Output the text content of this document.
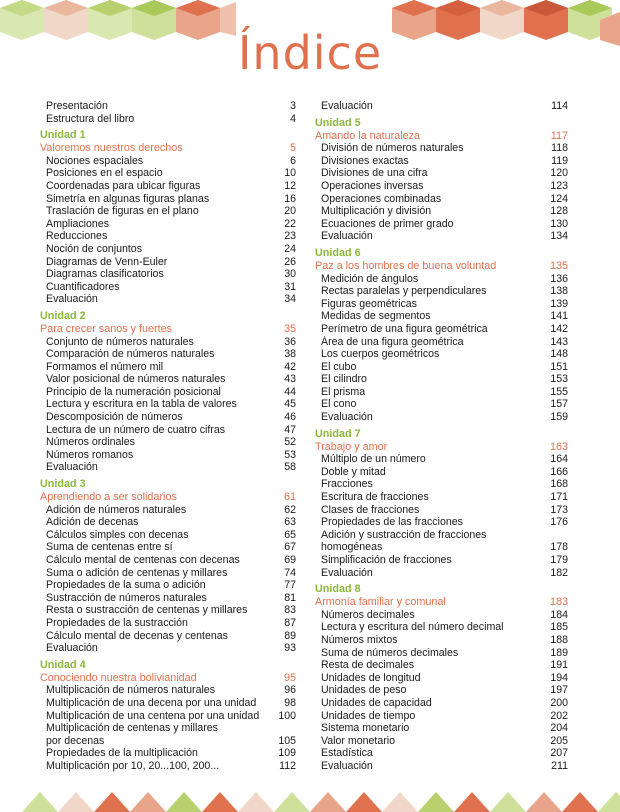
Índice
Presentación	3
Estructura del libro	4
Unidad 1
Valoremos nuestros derechos	5
Nociones espaciales	6
Posiciones en el espacio	10
Coordenadas para ubicar figuras	12
Simetría en algunas figuras planas	16
Traslación de figuras en el plano	20
Ampliaciones	22
Reducciones	23
Noción de conjuntos	24
Diagramas de Venn-Euler	26
Diagramas clasificatorios	30
Cuantificadores	31
Evaluación	34
Unidad 2
Para crecer sanos y fuertes	35
Conjunto de números naturales	36
Comparación de números naturales	38
Formamos el número mil	42
Valor posicional de números naturales	43
Principio de la numeración posicional	44
Lectura y escritura en la tabla de valores	45
Descomposición de números	46
Lectura de un número de cuatro cifras	47
Números ordinales	52
Números romanos	53
Evaluación	58
Unidad 3
Aprendiendo a ser solidarios	61
Adición de números naturales	62
Adición de decenas	63
Cálculos simples con decenas	65
Suma de centenas entre sí	67
Cálculo mental de centenas con decenas	69
Suma o adición de centenas y millares	74
Propiedades de la suma o adición	77
Sustracción de números naturales	81
Resta o sustracción de centenas y millares	83
Propiedades de la sustracción	87
Cálculo mental de decenas y centenas	89
Evaluación	93
Unidad 4
Conociendo nuestra bolivianidad	95
Multiplicación de números naturales	96
Multiplicación de una decena por una unidad	98
Multiplicación de una centena por una unidad 100
Multiplicación de centenas y millares
por decenas	105
Propiedades de la multiplicación	109
Multiplicación por 10, 20...100, 200...	112
Evaluación	114
Unidad 5
Amando la naturaleza	117
División de números naturales	118
Divisiones exactas	119
Divisiones de una cifra	120
Operaciones inversas	123
Operaciones combinadas	124
Multiplicación y división	128
Ecuaciones de primer grado	130
Evaluación	134
Unidad 6
Paz a los hombres de buena voluntad	135
Medición de ángulos	136
Rectas paralelas y perpendiculares	138
Figuras geométricas	139
Medidas de segmentos	141
Perímetro de una figura geométrica	142
Área de una figura geométrica	143
Los cuerpos geométricos	148
El cubo	151
El cilindro	153
El prisma	155
El cono	157
Evaluación	159
Unidad 7
Trabajo y amor	163
Múltiplo de un número	164
Doble y mitad	166
Fracciones	168
Escritura de fracciones	171
Clases de fracciones	173
Propiedades de las fracciones	176
Adición y sustracción de fracciones
homogéneas	178
Simplificación de fracciones	179
Evaluación	182
Unidad 8
Armonía familiar y comunal	183
Números decimales	184
Lectura y escritura del número decimal	185
Números mixtos	188
Suma de números decimales	189
Resta de decimales	191
Unidades de longitud	194
Unidades de peso	197
Unidades de capacidad	200
Unidades de tiempo	202
Sistema monetario	204
Valor monetario	205
Estadística	207
Evaluación	211
